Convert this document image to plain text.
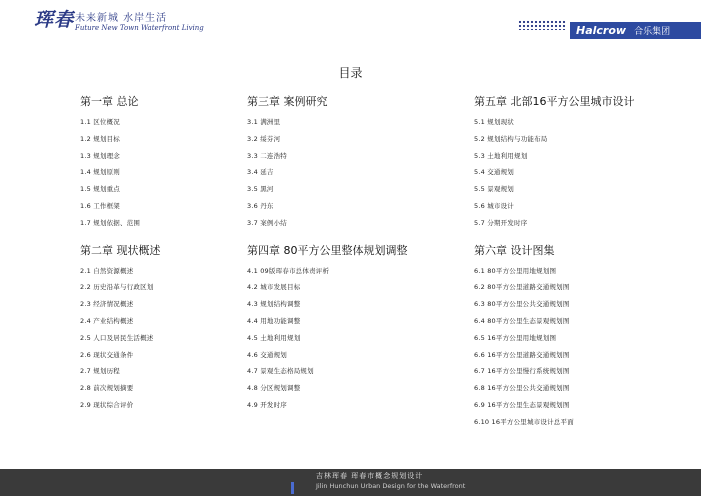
珲春 未来新城 水岸生活
Future New Town Waterfront Living	Halcrow 合乐集团
目录
第一章 总论
1.1 区位概况
1.2 规划目标
1.3 规划理念
1.4 规划原则
1.5 规划重点
1.6 工作框架
1.7 规划依据、范围
第二章 现状概述
2.1 自然资源概述
2.2 历史沿革与行政区划
2.3 经济情况概述
2.4 产业结构概述
2.5 人口及居民生活概述
2.6 现状交通条件
2.7 规划历程
2.8 前次规划摘要
2.9 现状综合评价
第三章 案例研究
3.1 满洲里
3.2 绥芬河
3.3 二连浩特
3.4 延吉
3.5 黑河
3.6 丹东
3.7 案例小结
第四章 80平方公里整体规划调整
4.1 09版珲春市总体责评析
4.2 城市发展目标
4.3 规划结构调整
4.4 用地功能调整
4.5 土地利用规划
4.6 交通规划
4.7 景观生态格局规划
4.8 分区规划调整
4.9 开发时序
第五章 北部16平方公里城市设计
5.1 规划现状
5.2 规划结构与功能布局
5.3 土地利用规划
5.4 交通规划
5.5 景观规划
5.6 城市设计
5.7 分期开发时序
第六章 设计图集
6.1 80平方公里用地规划图
6.2 80平方公里道路交通规划图
6.3 80平方公里公共交通规划图
6.4 80平方公里生态景观规划图
6.5 16平方公里用地规划图
6.6 16平方公里道路交通规划图
6.7 16平方公里慢行系统规划图
6.8 16平方公里公共交通规划图
6.9 16平方公里生态景观规划图
6.10 16平方公里城市设计总平面
吉林珲春 珲春市概念规划设计
Jilin Hunchun Urban Design for the Waterfront
